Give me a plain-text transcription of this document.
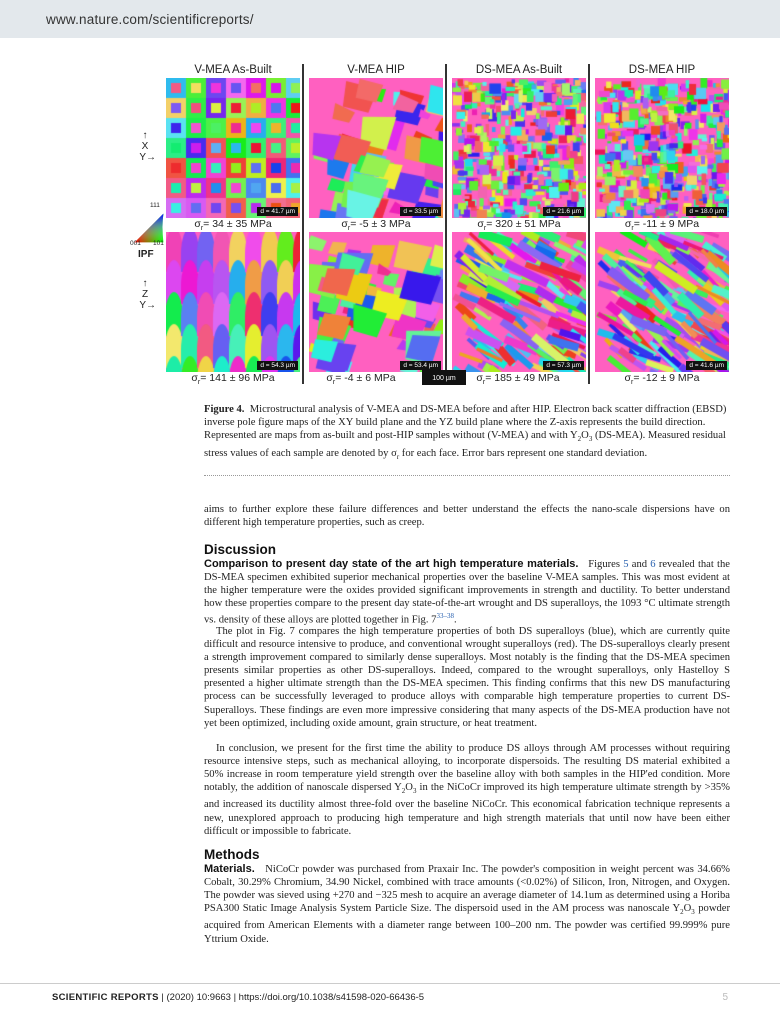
www.nature.com/scientificreports/
V-MEA As-Built	V-MEA HIP	DS-MEA As-Built	DS-MEA HIP
↑
X
Y→
↑
Z
Y→
111
001 101
IPF
d = 41.7 µm	d = 33.5 µm	d = 21.6 µm	d = 18.0 µm
$\sigma_r= 34 \pm 35$ MPa	$\sigma_r= -5 \pm 3$ MPa	$\sigma_r= 320 \pm 51$ MPa	$\sigma_r= -11 \pm 9$ MPa
d = 54.3 µm	d = 53.4 µm	d = 57.3 µm	d = 41.6 µm
100 µm
$\sigma_r= 141 \pm 96$ MPa	$\sigma_r= -4 \pm 6$ MPa	$\sigma_r= 185 \pm 49$ MPa	$\sigma_r= -12 \pm 9$ MPa
Figure 4. Microstructural analysis of V-MEA and DS-MEA before and after HIP. Electron back scatter diffraction (EBSD) inverse pole figure maps of the XY build plane and the YZ build plane where the Z-axis represents the build direction. Represented are maps from as-built and post-HIP samples without (V-MEA) and with $Y_2O_3$ (DS-MEA). Measured residual stress values of each sample are denoted by $\sigma_r$ for each face. Error bars represent one standard deviation.
aims to further explore these failure differences and better understand the effects the nano-scale dispersions have on different high temperature properties, such as creep.
Discussion
Comparison to present day state of the art high temperature materials. Figures 5 and 6 revealed that the DS-MEA specimen exhibited superior mechanical properties over the baseline V-MEA samples. This was most evident at the higher temperature were the oxides provided significant improvements in strength and ductility. To better understand how these properties compare to the present day state-of-the-art wrought and DS superalloys, the 1093 °C ultimate strength vs. density of these alloys are plotted together in Fig. 7$^{33-38}$.
The plot in Fig. 7 compares the high temperature properties of both DS superalloys (blue), which are currently quite difficult and resource intensive to produce, and conventional wrought superalloys (red). The DS-superalloys clearly present a strength improvement compared to similarly dense superalloys. Most notably is the finding that the DS-MEA specimen presents similar properties as other DS-superalloys. Indeed, compared to the wrought superalloys, only Hastelloy S presented a higher ultimate strength than the DS-MEA specimen. This finding confirms that this new DS manufacturing process can be successfully leveraged to produce alloys with comparable high temperature properties to current DS-Superalloys. These findings are even more impressive considering that many aspects of the DS-MEA production have not yet been optimized, including oxide amount, grain structure, or heat treatment.
In conclusion, we present for the first time the ability to produce DS alloys through AM processes without requiring resource intensive steps, such as mechanical alloying, to incorporate dispersoids. The resulting DS material exhibited a 50% increase in room temperature yield strength over the baseline alloy with both samples in the HIP'ed condition. More notably, the addition of nanoscale dispersed $Y_2O_3$ in the NiCoCr improved its high temperature ultimate strength by >35% and increased its ductility almost three-fold over the baseline NiCoCr. This economical fabrication technique represents a new, unexplored approach to producing high temperature and high strength materials that until now have been either difficult or impossible to fabricate.
Methods
Materials. NiCoCr powder was purchased from Praxair Inc. The powder's composition in weight percent was 34.66% Cobalt, 30.29% Chromium, 34.90 Nickel, combined with trace amounts (<0.02%) of Silicon, Iron, Nitrogen, and Oxygen. The powder was sieved using +270 and −325 mesh to acquire an average diameter of 14.1um as determined using a Horiba PSA300 Static Image Analysis System Particle Size. The dispersoid used in the AM process was nanoscale $Y_2O_3$ powder acquired from American Elements with a diameter range between 100–200 nm. The powder was certified 99.999% pure Yttrium Oxide.
SCIENTIFIC REPORTS | (2020) 10:9663 | https://doi.org/10.1038/s41598-020-66436-5	5
